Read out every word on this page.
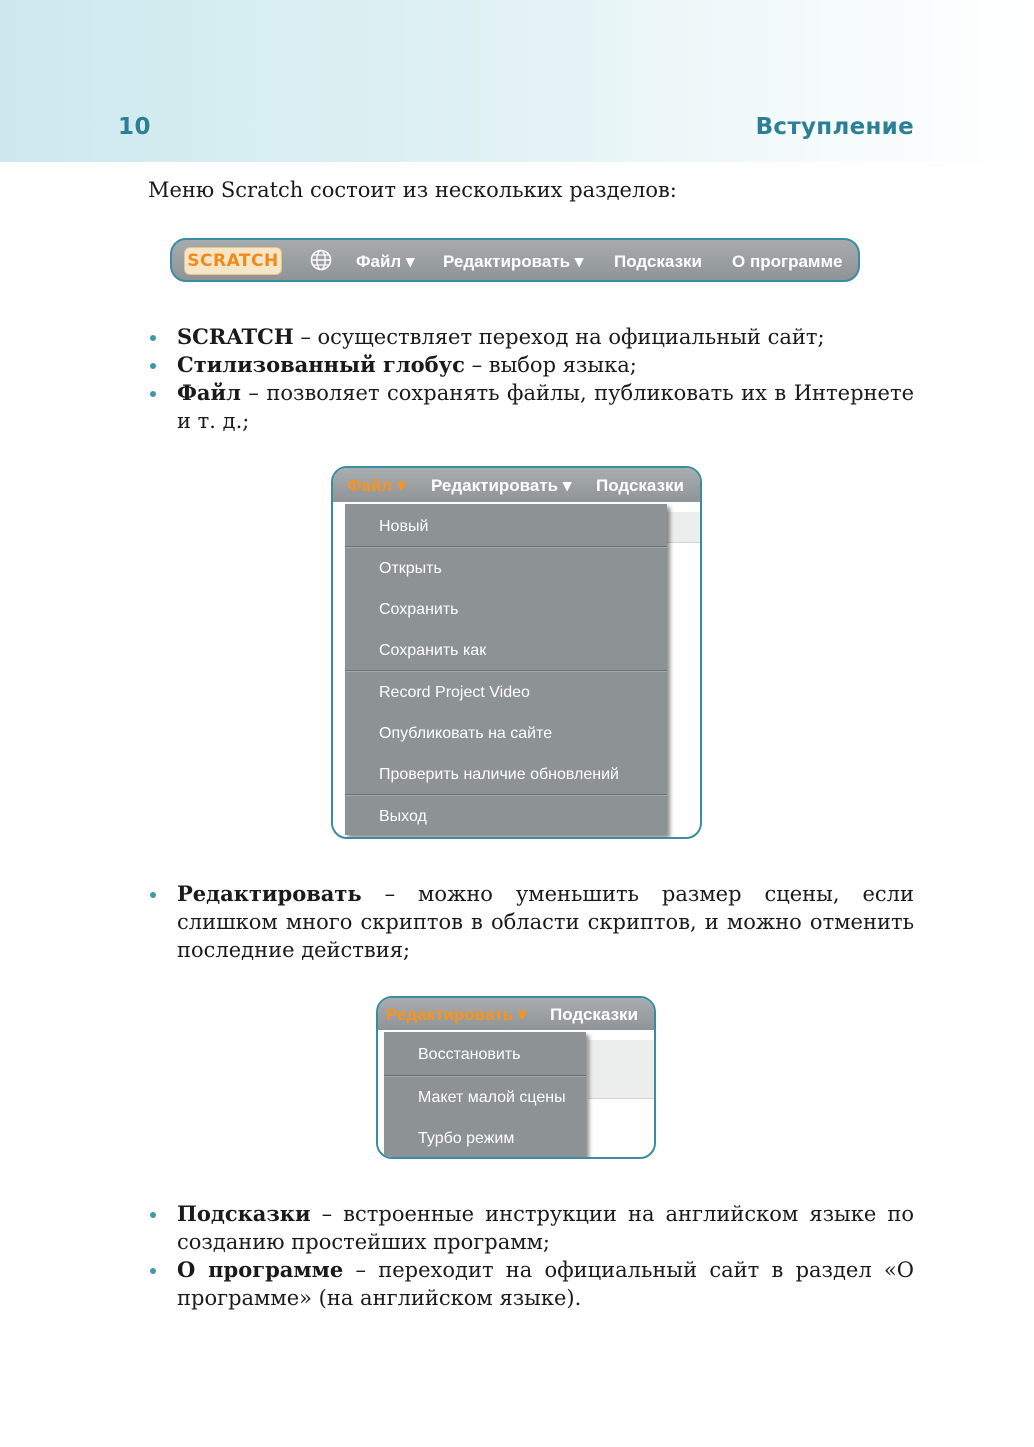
10	Вступление
Меню Scratch состоит из нескольких разделов:
SCRATCH	Файл ▾ Редактировать ▾ Подсказки О программе
SCRATCH – осуществляет переход на официальный сайт;
Стилизованный глобус – выбор языка;
Файл – позволяет сохранять файлы, публиковать их в Интернете и т. д.;
Файл ▾ Редактировать ▾ Подсказки
Новый
Открыть
Сохранить
Сохранить как
Record Project Video
Опубликовать на сайте
Проверить наличие обновлений
Выход
Редактировать – можно уменьшить размер сцены, если слишком много скриптов в области скриптов, и можно отменить последние действия;
Редактировать ▾ Подсказки
Восстановить
Макет малой сцены
Турбо режим
Подсказки – встроенные инструкции на английском языке по созданию простейших программ;
О программе – переходит на официальный сайт в раздел «О программе» (на английском языке).
